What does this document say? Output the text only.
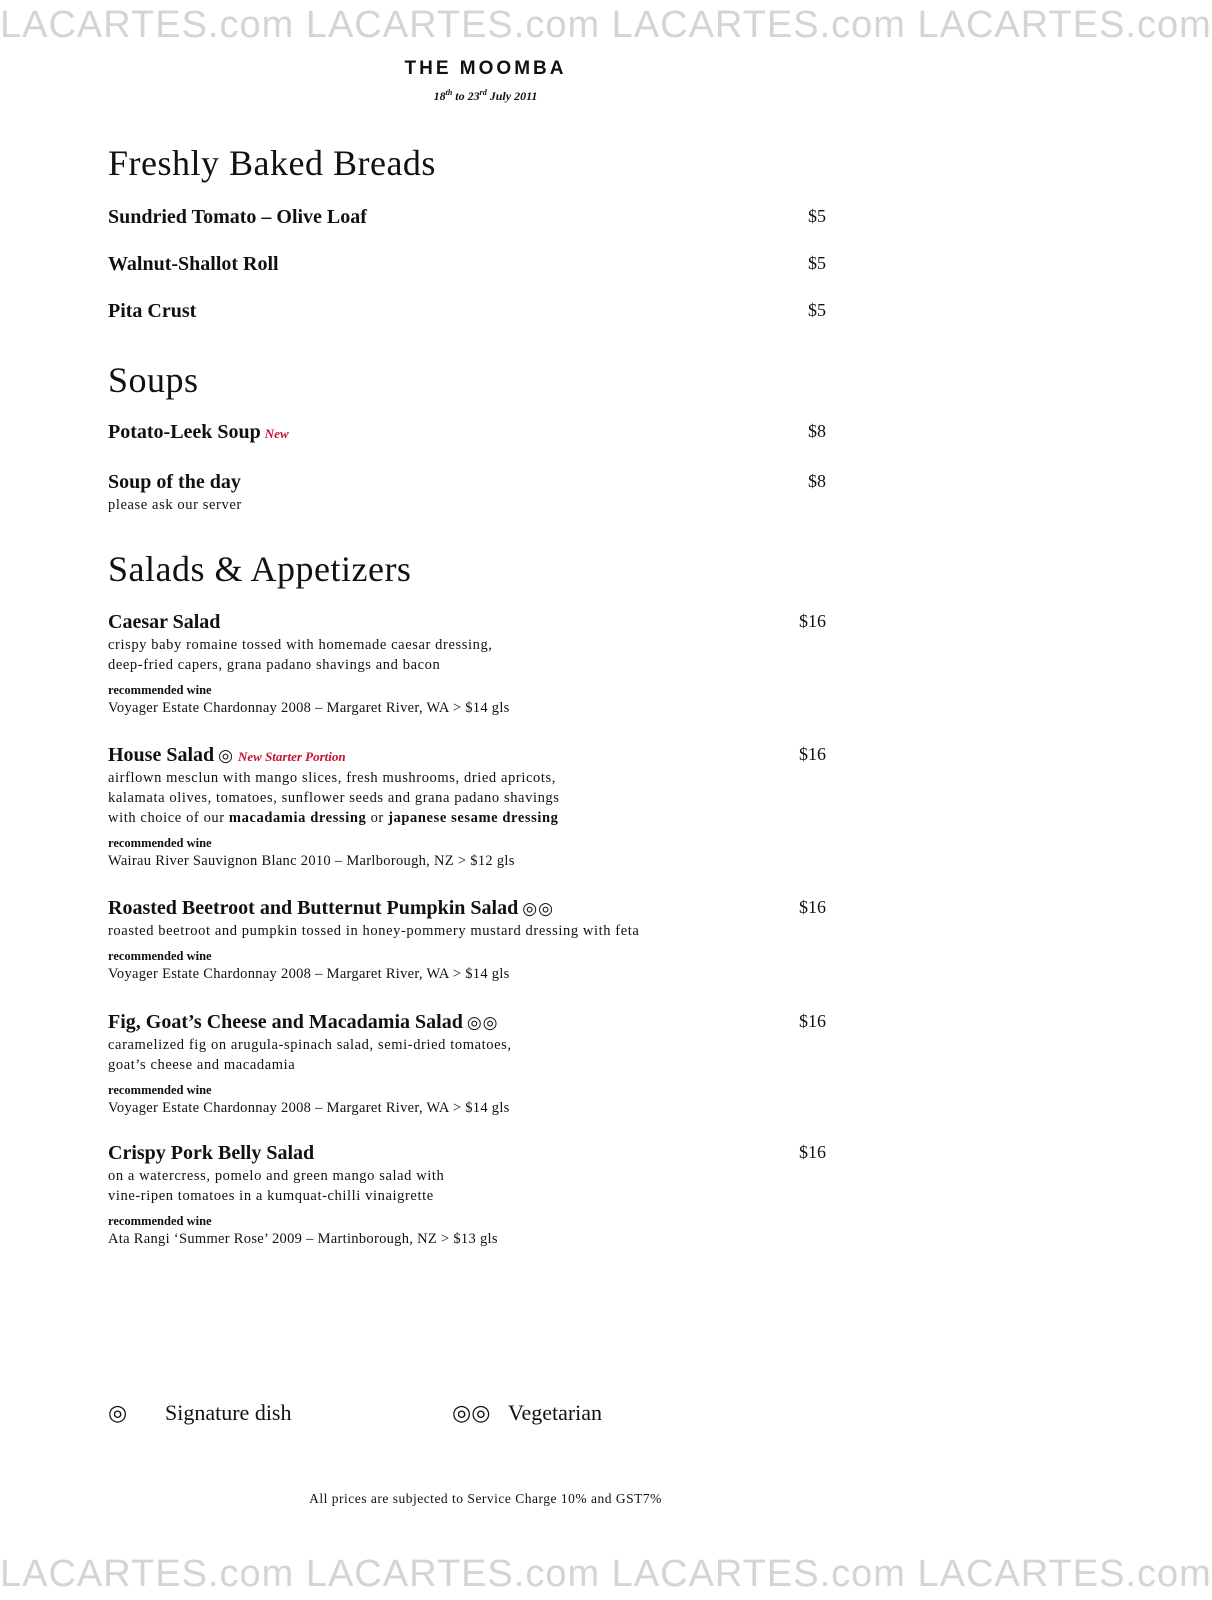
LACARTES.com LACARTES.com LACARTES.com LACARTES.com
THE MOOMBA
18th to 23rd July 2011
Freshly Baked Breads
Sundried Tomato – Olive Loaf	$5
Walnut-Shallot Roll	$5
Pita Crust	$5
Soups
Potato-Leek Soup New	$8
Soup of the day	$8
please ask our server
Salads & Appetizers
Caesar Salad	$16
crispy baby romaine tossed with homemade caesar dressing,
deep-fried capers, grana padano shavings and bacon
recommended wine
Voyager Estate Chardonnay 2008 – Margaret River, WA > $14 gls
House Salad ◎ New Starter Portion	$16
airflown mesclun with mango slices, fresh mushrooms, dried apricots,
kalamata olives, tomatoes, sunflower seeds and grana padano shavings
with choice of our macadamia dressing or japanese sesame dressing
recommended wine
Wairau River Sauvignon Blanc 2010 – Marlborough, NZ > $12 gls
Roasted Beetroot and Butternut Pumpkin Salad ◎◎	$16
roasted beetroot and pumpkin tossed in honey-pommery mustard dressing with feta
recommended wine
Voyager Estate Chardonnay 2008 – Margaret River, WA > $14 gls
Fig, Goat’s Cheese and Macadamia Salad ◎◎	$16
caramelized fig on arugula-spinach salad, semi-dried tomatoes,
goat’s cheese and macadamia
recommended wine
Voyager Estate Chardonnay 2008 – Margaret River, WA > $14 gls
Crispy Pork Belly Salad	$16
on a watercress, pomelo and green mango salad with
vine-ripen tomatoes in a kumquat-chilli vinaigrette
recommended wine
Ata Rangi ‘Summer Rose’ 2009 – Martinborough, NZ > $13 gls
◎ Signature dish	◎◎ Vegetarian
All prices are subjected to Service Charge 10% and GST7%
LACARTES.com LACARTES.com LACARTES.com LACARTES.com
